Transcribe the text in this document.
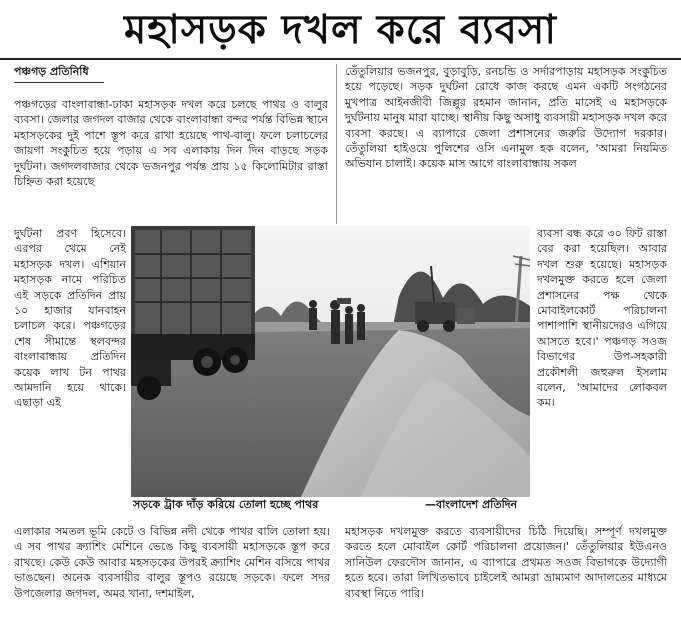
মহাসড়ক দখল করে ব্যবসা
পঞ্চগড় প্রতিনিধি

পঞ্চগড়ের বাংলাবান্ধা-ঢাকা মহাসড়ক দখল করে চলছে পাথর ও বালুর ব্যবসা। জেলার জগদল বাজার থেকে বাংলাবান্ধা বন্দর পর্যন্ত বিভিন্ন স্থানে মহাসড়কের দুই পাশে স্তূপ করে রাখা হয়েছে পাথ-বালু। ফলে চলাচলের জায়গা সংকুচিত হয়ে পড়ায় এ সব এলাকায় দিন দিন বাড়ছে সড়ক দুর্ঘটনা। জগদলবাজার থেকে ভজনপুর পর্যন্ত প্রায় ১৫ কিলোমিটার রাস্তা চিহ্নিত করা হয়েছে

দুর্ঘটনা প্রবণ হিসেবে। এরপর থেমে নেই মহাসড়ক দখল। এশিয়ান মহাসড়ক নামে পরিচিত এই সড়কে প্রতিদিন প্রায় ১০ হাজার যানবাহন চলাচল করে। পঞ্চগড়ের শেষ সীমান্তে স্থলবন্দর বাংলাবান্ধায় প্রতিদিন কয়েক লাখ টন পাথর আমদানি হয়ে থাকে। এছাড়া এই

এলাকার সমতল ভূমি কেটে ও বিভিন্ন নদী থেকে পাথর বালি তোলা হয়। এ সব পাথর ক্র্যাশিং মেশিনে ভেঙে কিছু ব্যবসায়ী মহাসড়কে স্তূপ করে রাখছে। কেউ কেউ আবার মহসড়কের উপরই ক্র্যাশিং মেশিন বসিয়ে পাথর ভাঙছেন। অনেক ব্যবসায়ীর বালুর স্তূপও রয়েছে সড়কে। ফলে সদর উপজেলার জগদল, অমর খানা, দশমাইল,

তেঁতুলিয়ার ভজনপুর, বুড়াবুড়ি, রনচন্ডি ও সর্দারপাড়ায় মহাসড়ক সংকুচিত হয়ে পড়েছে। সড়ক দুর্ঘটনা রোধে কাজ করছে এমন একটি সংগঠনের মুখপাত্র আইনজীবী জিল্লুর রহমান জানান, প্রতি মাসেই এ মহাসড়কে দুর্ঘটনায় মানুষ মারা যাচ্ছে। স্থানীয় কিছু অসাধু ব্যবসায়ী মহাসড়ক দখল করে ব্যবসা করছে। এ ব্যাপারে জেলা প্রশাসনের জরুরি উদ্যোগ দরকার। তেঁতুলিয়া হাইওয়ে পুলিশের ওসি এনামুল হক বলেন, 'আমরা নিয়মিত অভিযান চালাই। কয়েক মাস আগে বাংলাবান্ধায় সকল

ব্যবসা বন্ধ করে ৩০ ফিট রাস্তা বের করা হয়েছিল। আবার দখল শুরু হয়েছে। মহাসড়ক দখলমুক্ত করতে হলে জেলা প্রশাসনের পক্ষ থেকে মোবাইলকোর্ট পরিচালনা পাশাপাশি স্থানীয়দেরও এগিয়ে আসতে হবে।' পঞ্চগড় সওজ বিভাগের উপ-সহকারী প্রকৌশলী জহুরুল ইসলাম বলেন, 'আমাদের লোকবল কম।

মহাসড়ক দখলমুক্ত করতে ব্যবসায়ীদের চিঠি দিয়েছি। সম্পূর্ণ দখলমুক্ত করতে হলে মোবাইল কোর্ট পরিচালনা প্রয়োজন।' তেঁতুলিয়ার ইউএনও সানিউল ফেরদৌস জানান, এ ব্যাপারে প্রথমত সওজ বিভাগকে উদ্যোগী হতে হবে। তারা লিখিতভাবে চাইলেই আমরা ভ্রাম্যমাণ আদালতের মাধ্যমে ব্যবস্থা নিতে পারি।

সড়কে ট্রাক দাঁড় করিয়ে তোলা হচ্ছে পাথর	—বাংলাদেশ প্রতিদিন
